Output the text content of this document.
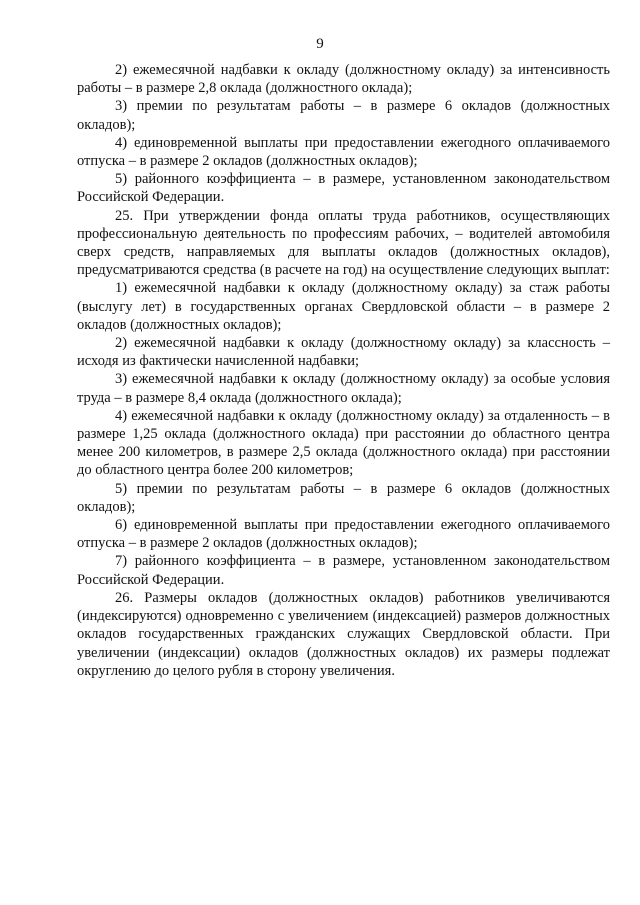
9

2) ежемесячной надбавки к окладу (должностному окладу) за интенсивность работы – в размере 2,8 оклада (должностного оклада);

3) премии по результатам работы – в размере 6 окладов (должностных окладов);

4) единовременной выплаты при предоставлении ежегодного оплачиваемого отпуска – в размере 2 окладов (должностных окладов);

5) районного коэффициента – в размере, установленном законодательством Российской Федерации.

25. При утверждении фонда оплаты труда работников, осуществляющих профессиональную деятельность по профессиям рабочих, – водителей автомобиля сверх средств, направляемых для выплаты окладов (должностных окладов), предусматриваются средства (в расчете на год) на осуществление следующих выплат:

1) ежемесячной надбавки к окладу (должностному окладу) за стаж работы (выслугу лет) в государственных органах Свердловской области – в размере 2 окладов (должностных окладов);

2) ежемесячной надбавки к окладу (должностному окладу) за классность – исходя из фактически начисленной надбавки;

3) ежемесячной надбавки к окладу (должностному окладу) за особые условия труда – в размере 8,4 оклада (должностного оклада);

4) ежемесячной надбавки к окладу (должностному окладу) за отдаленность – в размере 1,25 оклада (должностного оклада) при расстоянии до областного центра менее 200 километров, в размере 2,5 оклада (должностного оклада) при расстоянии до областного центра более 200 километров;

5) премии по результатам работы – в размере 6 окладов (должностных окладов);

6) единовременной выплаты при предоставлении ежегодного оплачиваемого отпуска – в размере 2 окладов (должностных окладов);

7) районного коэффициента – в размере, установленном законодательством Российской Федерации.

26. Размеры окладов (должностных окладов) работников увеличиваются (индексируются) одновременно с увеличением (индексацией) размеров должностных окладов государственных гражданских служащих Свердловской области. При увеличении (индексации) окладов (должностных окладов) их размеры подлежат округлению до целого рубля в сторону увеличения.
